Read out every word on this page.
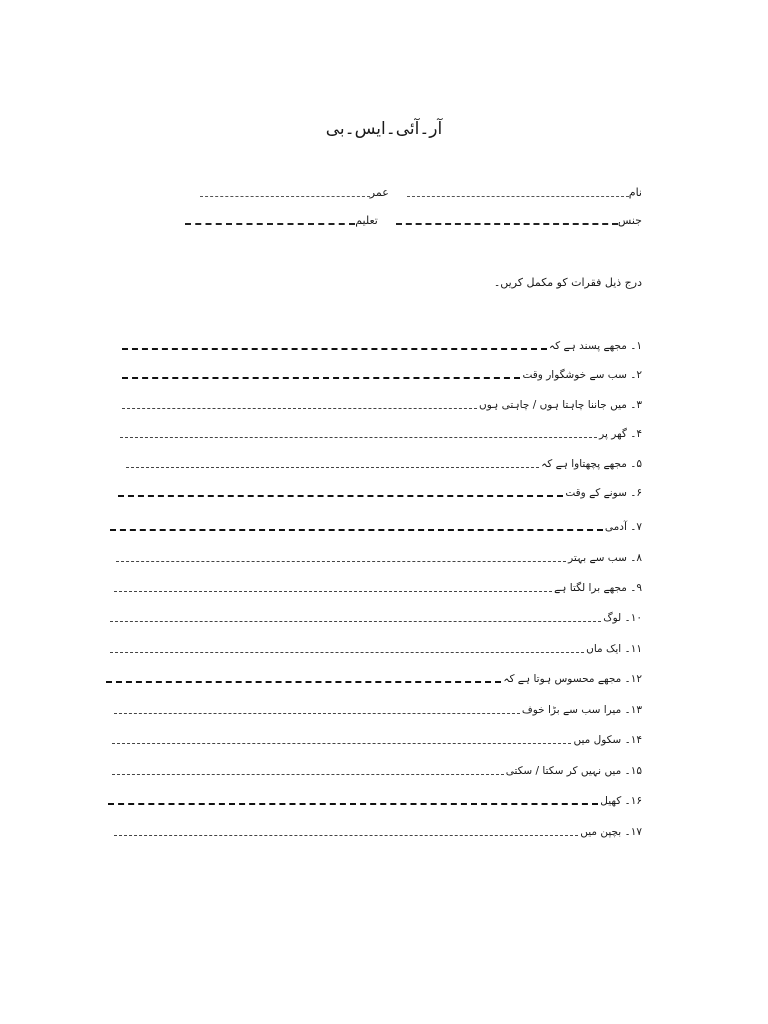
آر۔آئی۔ایس۔بی
نام
عمر
جنس
تعلیم
درج ذیل فقرات کو مکمل کریں۔
۱۔ مجھے پسند ہے کہ
۲۔ سب سے خوشگوار وقت
۳۔ میں جاننا چاہتا ہوں / چاہتی ہوں
۴۔ گھر پر
۵۔ مجھے پچھتاوا ہے کہ
۶۔ سونے کے وقت
۷۔ آدمی
۸۔ سب سے بہتر
۹۔ مجھے برا لگتا ہے
۱۰۔ لوگ
۱۱۔ ایک ماں
۱۲۔ مجھے محسوس ہوتا ہے کہ
۱۳۔ میرا سب سے بڑا خوف
۱۴۔ سکول میں
۱۵۔ میں نہیں کر سکتا / سکتی
۱۶۔ کھیل
۱۷۔ بچپن میں
